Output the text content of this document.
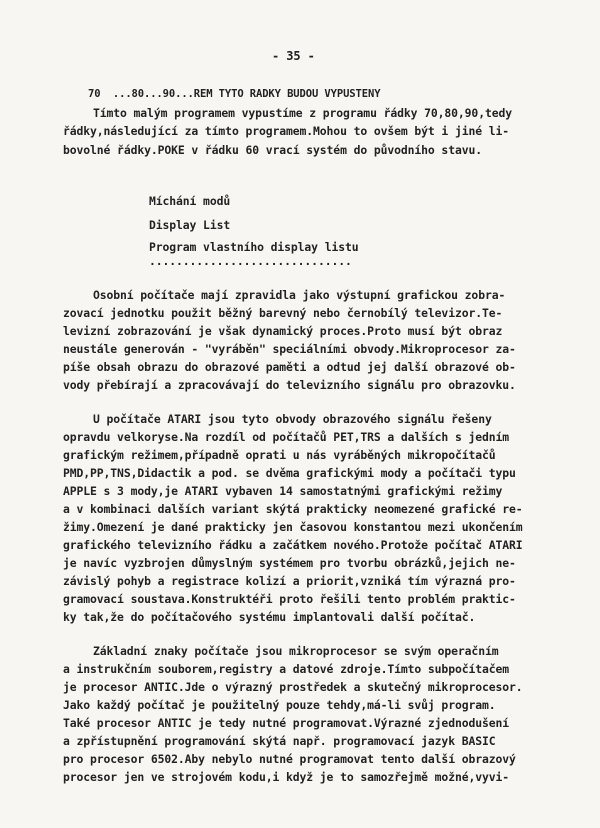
- 35 -
70  ...80...90...REM TYTO RADKY BUDOU VYPUSTENY
Tímto malým programem vypustíme z programu řádky 70,80,90,tedy
řádky,následující za tímto programem.Mohou to ovšem být i jiné li-
bovolné řádky.POKE v řádku 60 vrací systém do původního stavu.
Míchání modů
Display List
Program vlastního display listu
..............................
Osobní počítače mají zpravidla jako výstupní grafickou zobra-
zovací jednotku použit běžný barevný nebo černobílý televizor.Te-
levizní zobrazování je však dynamický proces.Proto musí být obraz
neustále generován - "vyráběn" speciálními obvody.Mikroprocesor za-
píše obsah obrazu do obrazové paměti a odtud jej další obrazové ob-
vody přebírají a zpracovávají do televizního signálu pro obrazovku.
U počítače ATARI jsou tyto obvody obrazového signálu řešeny
opravdu velkoryse.Na rozdíl od počítačů PET,TRS a dalších s jedním
grafickým režimem,případně oprati u nás vyráběných mikropočítačů
PMD,PP,TNS,Didactik a pod. se dvěma grafickými mody a počítači typu
APPLE s 3 mody,je ATARI vybaven 14 samostatnými grafickými režimy
a v kombinaci dalších variant skýtá prakticky neomezené grafické re-
žimy.Omezení je dané prakticky jen časovou konstantou mezi ukončením
grafického televizního řádku a začátkem nového.Protože počítač ATARI
je navíc vyzbrojen důmyslným systémem pro tvorbu obrázků,jejich ne-
závislý pohyb a registrace kolizí a priorit,vzniká tím výrazná pro-
gramovací soustava.Konstruktéři proto řešili tento problém praktic-
ky tak,že do počítačového systému implantovali další počítač.
Základní znaky počítače jsou mikroprocesor se svým operačním
a instrukčním souborem,registry a datové zdroje.Tímto subpočítačem
je procesor ANTIC.Jde o výrazný prostředek a skutečný mikroprocesor.
Jako každý počítač je použitelný pouze tehdy,má-li svůj program.
Také procesor ANTIC je tedy nutné programovat.Výrazné zjednodušení
a zpřístupnění programování skýtá např. programovací jazyk BASIC
pro procesor 6502.Aby nebylo nutné programovat tento další obrazový
procesor jen ve strojovém kodu,i když je to samozřejmě možné,vyvi-
